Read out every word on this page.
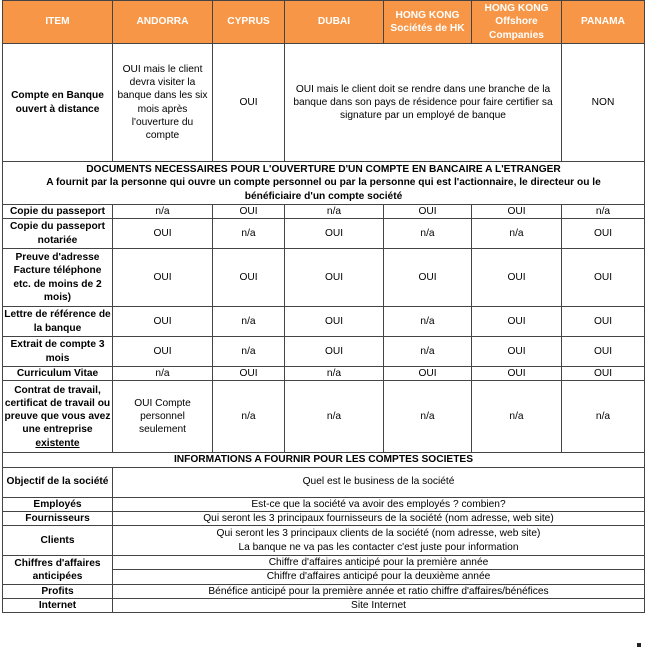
ITEM	ANDORRA	CYPRUS	DUBAI	HONG KONG Sociétés de HK	HONG KONG Offshore Companies	PANAMA
Compte en Banque ouvert à distance	OUI mais le client devra visiter la banque dans les six mois après l'ouverture du compte	OUI	OUI mais le client doit se rendre dans une branche de la banque dans son pays de résidence pour faire certifier sa signature par un employé de banque			NON

DOCUMENTS NECESSAIRES POUR L'OUVERTURE D'UN COMPTE EN BANCAIRE A L'ETRANGER
A fournit par la personne qui ouvre un compte personnel ou par la personne qui est l'actionnaire, le directeur ou le bénéficiaire d'un compte société						

Copie du passeport	n/a	OUI	n/a	OUI	OUI	n/a
Copie du passeport notariée	OUI	n/a	OUI	n/a	n/a	OUI
Preuve d'adresse Facture téléphone etc. de moins de 2 mois)	OUI	OUI	OUI	OUI	OUI	OUI
Lettre de référence de la banque	OUI	n/a	OUI	n/a	OUI	OUI
Extrait de compte 3 mois	OUI	n/a	OUI	n/a	OUI	OUI
Curriculum Vitae	n/a	OUI	n/a	OUI	OUI	OUI
Contrat de travail, certificat de travail ou preuve que vous avez une entreprise existente	OUI Compte personnel seulement	n/a	n/a	n/a	n/a	n/a
INFORMATIONS A FOURNIR POUR LES COMPTES SOCIETES						
Objectif de la société	Quel est le business de la société					
Employés	Est-ce que la société va avoir des employés ? combien?					
Fournisseurs	Qui seront les 3 principaux fournisseurs de la société (nom adresse, web site)					
Clients	Qui seront les 3 principaux clients de la société (nom adresse, web site)
La banque ne va pas les contacter c'est juste pour information					

Chiffres d'affaires anticipées	Chiffre d'affaires anticipé pour la première année					
	Chiffre d'affaires anticipé pour la deuxième année					
Profits	Bénéfice anticipé pour la première année et ratio chiffre d'affaires/bénéfices					
Internet	Site Internet					
